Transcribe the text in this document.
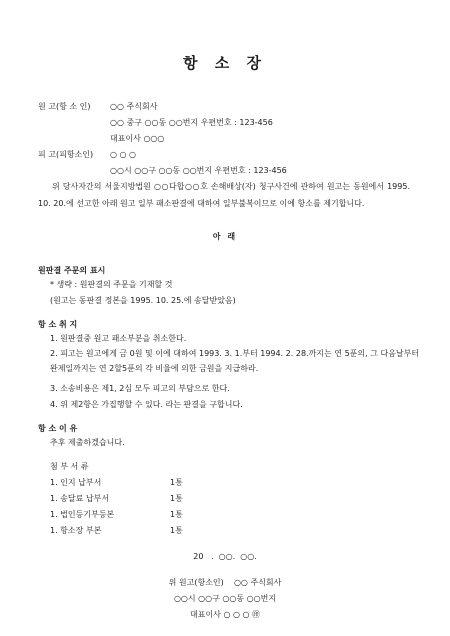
항 소 장
원 고(항 소 인) ○○ 주식회사
○○ 중구 ○○동 ○○번지 우편번호 : 123-456
대표이사 ○○○
피 고(피항소인) ○ ○ ○
○○시 ○○구 ○○동 ○○번지 우편번호 : 123-456
위 당사자간의 서울지방법원 ○○다합○○호 손해배상(자) 청구사건에 관하여 원고는 동원에서 1995. 10. 20.에 선고한 아래 원고 일부 패소판결에 대하여 일부불복이므로 이에 항소를 제기합니다.
아 래
원판결 주문의 표시
* 생략 : 원판결의 주문을 기재할 것
(원고는 동판결 정본을 1995. 10. 25.에 송달받았음)
항 소 취 지
1. 원판결중 원고 패소부분을 취소한다.
2. 피고는 원고에게 금 0원 및 이에 대하여 1993. 3. 1.부터 1994. 2. 28.까지는 연 5푼의, 그 다음날부터 완제일까지는 연 2할5푼의 각 비율에 의한 금원을 지급하라.
3. 소송비용은 제1, 2심 모두 피고의 부담으로 한다.
4. 위 제2항은 가집행할 수 있다. 라는 판결을 구합니다.
항 소 이 유
추후 제출하겠습니다.
첨 부 서 류
1. 인지 납부서	1통
1. 송달료 납부서	1통
1. 법인등기부등본	1통
1. 항소장 부본	1통
20   .  ○○.  ○○.
위 원고(항소인)    ○○ 주식회사
○○시 ○○구 ○○동 ○○번지
대표이사 ○ ○ ○ ㊞
